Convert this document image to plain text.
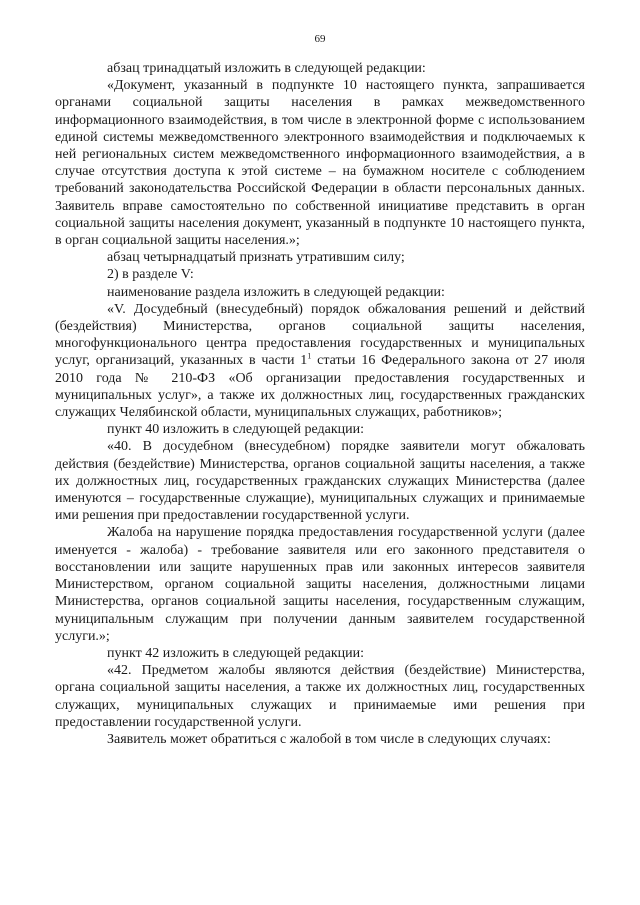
69

абзац тринадцатый изложить в следующей редакции:

«Документ, указанный в подпункте 10 настоящего пункта, запрашивается органами социальной защиты населения в рамках межведомственного информационного взаимодействия, в том числе в электронной форме с использованием единой системы межведомственного электронного взаимодействия и подключаемых к ней региональных систем межведомственного информационного взаимодействия, а в случае отсутствия доступа к этой системе – на бумажном носителе с соблюдением требований законодательства Российской Федерации в области персональных данных. Заявитель вправе самостоятельно по собственной инициативе представить в орган социальной защиты населения документ, указанный в подпункте 10 настоящего пункта, в орган социальной защиты населения.»;

абзац четырнадцатый признать утратившим силу;

2) в разделе V:

наименование раздела изложить в следующей редакции:

«V. Досудебный (внесудебный) порядок обжалования решений и действий (бездействия) Министерства, органов социальной защиты населения, многофункционального центра предоставления государственных и муниципальных услуг, организаций, указанных в части $1^1$ статьи 16 Федерального закона от 27 июля 2010 года № 210-ФЗ «Об организации предоставления государственных и муниципальных услуг», а также их должностных лиц, государственных гражданских служащих Челябинской области, муниципальных служащих, работников»;

пункт 40 изложить в следующей редакции:

«40. В досудебном (внесудебном) порядке заявители могут обжаловать действия (бездействие) Министерства, органов социальной защиты населения, а также их должностных лиц, государственных гражданских служащих Министерства (далее именуются – государственные служащие), муниципальных служащих и принимаемые ими решения при предоставлении государственной услуги.

Жалоба на нарушение порядка предоставления государственной услуги (далее именуется - жалоба) - требование заявителя или его законного представителя о восстановлении или защите нарушенных прав или законных интересов заявителя Министерством, органом социальной защиты населения, должностными лицами Министерства, органов социальной защиты населения, государственным служащим, муниципальным служащим при получении данным заявителем государственной услуги.»;

пункт 42 изложить в следующей редакции:

«42. Предметом жалобы являются действия (бездействие) Министерства, органа социальной защиты населения, а также их должностных лиц, государственных служащих, муниципальных служащих и принимаемые ими решения при предоставлении государственной услуги.

Заявитель может обратиться с жалобой в том числе в следующих случаях:
